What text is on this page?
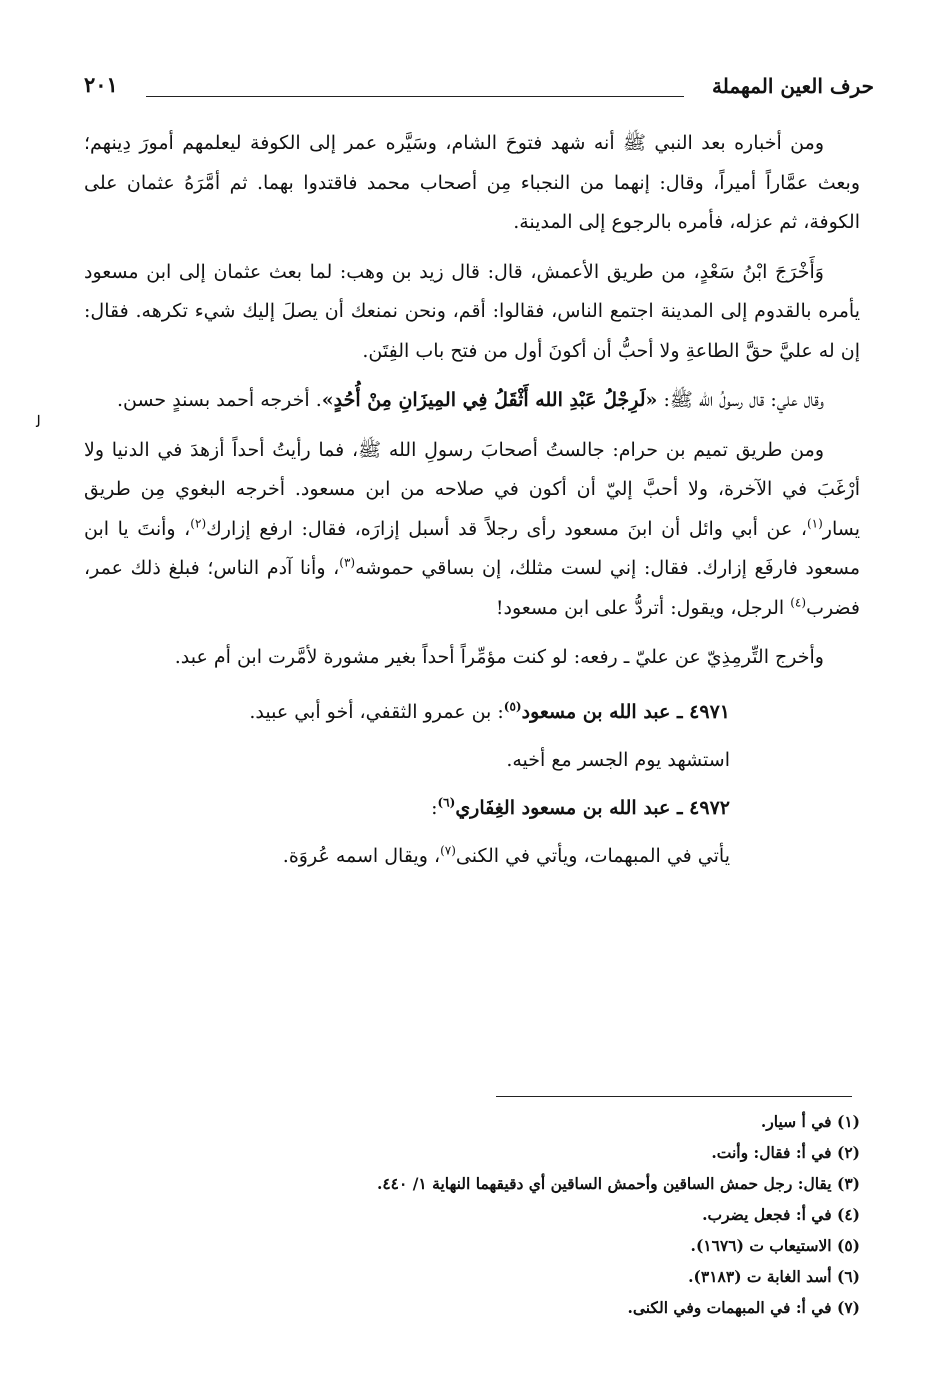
حرف العين المهملة
٢٠١
ﻟ

ومن أخباره بعد النبي ﷺ أنه شهد فتوحَ الشام، وسَيَّره عمر إلى الكوفة ليعلمهم أمورَ دِينهم؛ وبعث عمَّاراً أميراً، وقال: إنهما من النجباء مِن أصحاب محمد فاقتدوا بهما. ثم أمَّرَهُ عثمان على الكوفة، ثم عزله، فأمره بالرجوع إلى المدينة.

وَأَخْرَجَ ابْنُ سَعْدٍ، من طريق الأعمش، قال: قال زيد بن وهب: لما بعث عثمان إلى ابن مسعود يأمره بالقدوم إلى المدينة اجتمع الناس، فقالوا: أقم، ونحن نمنعك أن يصلَ إليك شيء تكرهه. فقال: إن له عليَّ حقَّ الطاعةِ ولا أحبُّ أن أكونَ أول من فتح باب الفِتَن.

وقال علي: قال رسولُ الله ﷺ: «لَرِجْلُ عَبْدِ الله أَثْقَلُ فِي المِيزَانِ مِنْ أُحُدٍ». أخرجه أحمد بسندٍ حسن.

ومن طريق تميم بن حرام: جالستُ أصحابَ رسولِ الله ﷺ، فما رأيتُ أحداً أزهدَ في الدنيا ولا أرْغَبَ في الآخرة، ولا أحبَّ إليّ أن أكون في صلاحه من ابن مسعود. أخرجه البغوي مِن طريق يسار$^{(١)}$، عن أبي وائل أن ابنَ مسعود رأى رجلاً قد أسبل إزارَه، فقال: ارفع إزارك$^{(٢)}$، وأنتَ يا ابن مسعود فارفَع إزارك. فقال: إني لست مثلك، إن بساقي حموشه$^{(٣)}$، وأنا آدم الناس؛ فبلغ ذلك عمر، فضرب$^{(٤)}$ الرجل، ويقول: أتردُّ على ابن مسعود!

وأخرج التِّرمِذِيّ عن عليّ ـ رفعه: لو كنت مؤمِّراً أحداً بغير مشورة لأمَّرت ابن أم عبد.

٤٩٧١ ـ عبد الله بن مسعود$^{(٥)}$: بن عمرو الثقفي، أخو أبي عبيد.
استشهد يوم الجسر مع أخيه.
٤٩٧٢ ـ عبد الله بن مسعود الغِفَاري$^{(٦)}$:
يأتي في المبهمات، ويأتي في الكنى$^{(٧)}$، ويقال اسمه عُروَة.
(١) في أ سيار.
(٢) في أ: فقال: وأنت.
(٣) يقال: رجل حمش الساقين وأحمش الساقين أي دقيقهما النهاية ١/ ٤٤٠.
(٤) في أ: فجعل يضرب.
(٥) الاستيعاب ت (١٦٧٦).
(٦) أسد الغابة ت (٣١٨٣).
(٧) في أ: في المبهمات وفي الكنى.
